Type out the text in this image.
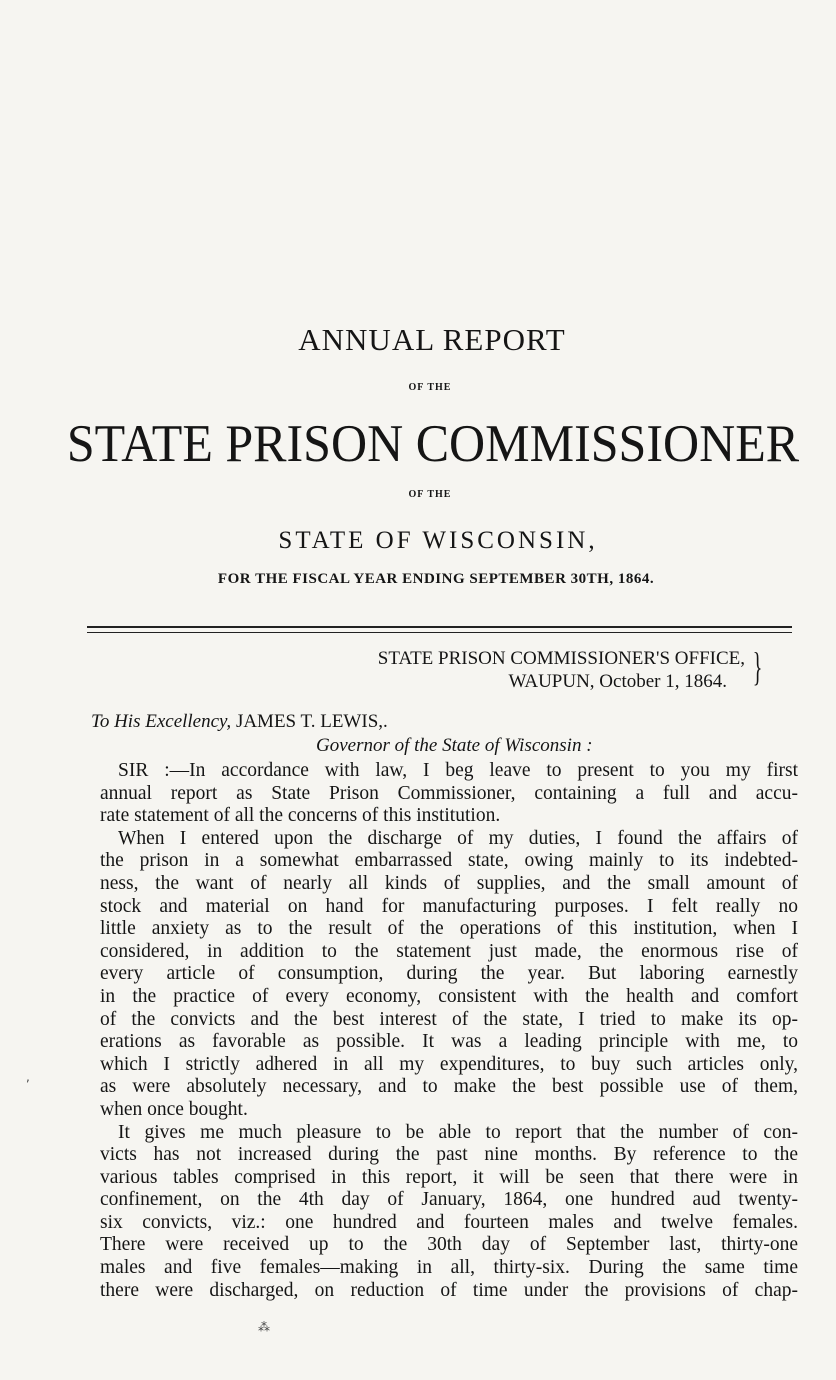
ANNUAL REPORT
OF THE
STATE PRISON COMMISSIONER
OF THE
STATE OF WISCONSIN,
FOR THE FISCAL YEAR ENDING SEPTEMBER 30TH, 1864.
STATE PRISON COMMISSIONER'S OFFICE,
WAUPUN, October 1, 1864. }
To His Excellency, JAMES T. LEWIS,.
Governor of the State of Wisconsin :
SIR :—In accordance with law, I beg leave to present to you my first
annual report as State Prison Commissioner, containing a full and accu-
rate statement of all the concerns of this institution.
When I entered upon the discharge of my duties, I found the affairs of
the prison in a somewhat embarrassed state, owing mainly to its indebted-
ness, the want of nearly all kinds of supplies, and the small amount of
stock and material on hand for manufacturing purposes. I felt really no
little anxiety as to the result of the operations of this institution, when I
considered, in addition to the statement just made, the enormous rise of
every article of consumption, during the year. But laboring earnestly
in the practice of every economy, consistent with the health and comfort
of the convicts and the best interest of the state, I tried to make its op-
erations as favorable as possible. It was a leading principle with me, to
which I strictly adhered in all my expenditures, to buy such articles only,
as were absolutely necessary, and to make the best possible use of them,
when once bought.
It gives me much pleasure to be able to report that the number of con-
victs has not increased during the past nine months. By reference to the
various tables comprised in this report, it will be seen that there were in
confinement, on the 4th day of January, 1864, one hundred aud twenty-
six convicts, viz.: one hundred and fourteen males and twelve females.
There were received up to the 30th day of September last, thirty-one
males and five females—making in all, thirty-six. During the same time
there were discharged, on reduction of time under the provisions of chap-
,
⁂
